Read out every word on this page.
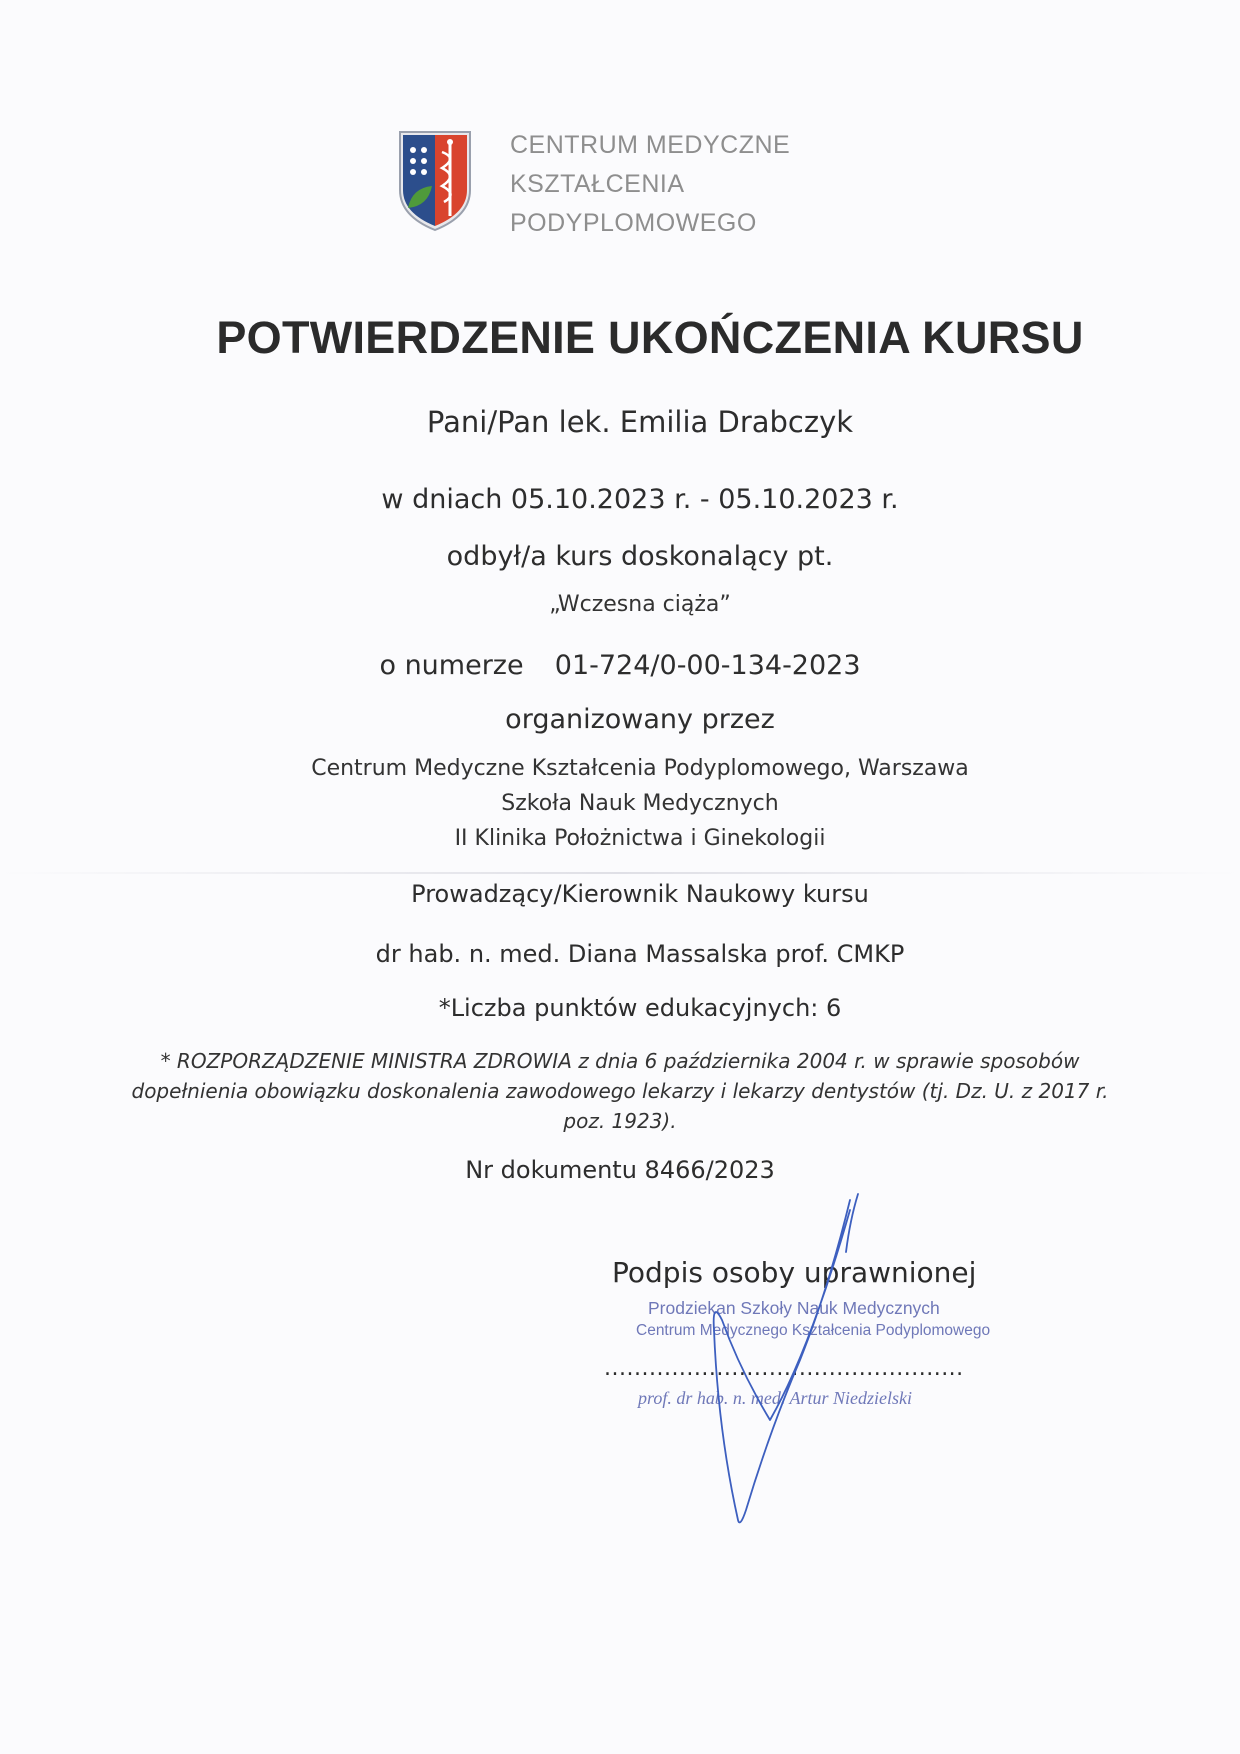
CENTRUM MEDYCZNE
KSZTAŁCENIA
PODYPLOMOWEGO
POTWIERDZENIE UKOŃCZENIA KURSU
Pani/Pan lek. Emilia Drabczyk
w dniach 05.10.2023 r. - 05.10.2023 r.
odbył/a kurs doskonalący pt.
„Wczesna ciąża”
o numerze 01-724/0-00-134-2023
organizowany przez
Centrum Medyczne Kształcenia Podyplomowego, Warszawa
Szkoła Nauk Medycznych
II Klinika Położnictwa i Ginekologii
Prowadzący/Kierownik Naukowy kursu
dr hab. n. med. Diana Massalska prof. CMKP
*Liczba punktów edukacyjnych: 6
* ROZPORZĄDZENIE MINISTRA ZDROWIA z dnia 6 października 2004 r. w sprawie sposobów
dopełnienia obowiązku doskonalenia zawodowego lekarzy i lekarzy dentystów (tj. Dz. U. z 2017 r.
poz. 1923).
Nr dokumentu 8466/2023
Podpis osoby uprawnionej
Prodziekan Szkoły Nauk Medycznych
Centrum Medycznego Kształcenia Podyplomowego
................................................
prof. dr hab. n. med. Artur Niedzielski
